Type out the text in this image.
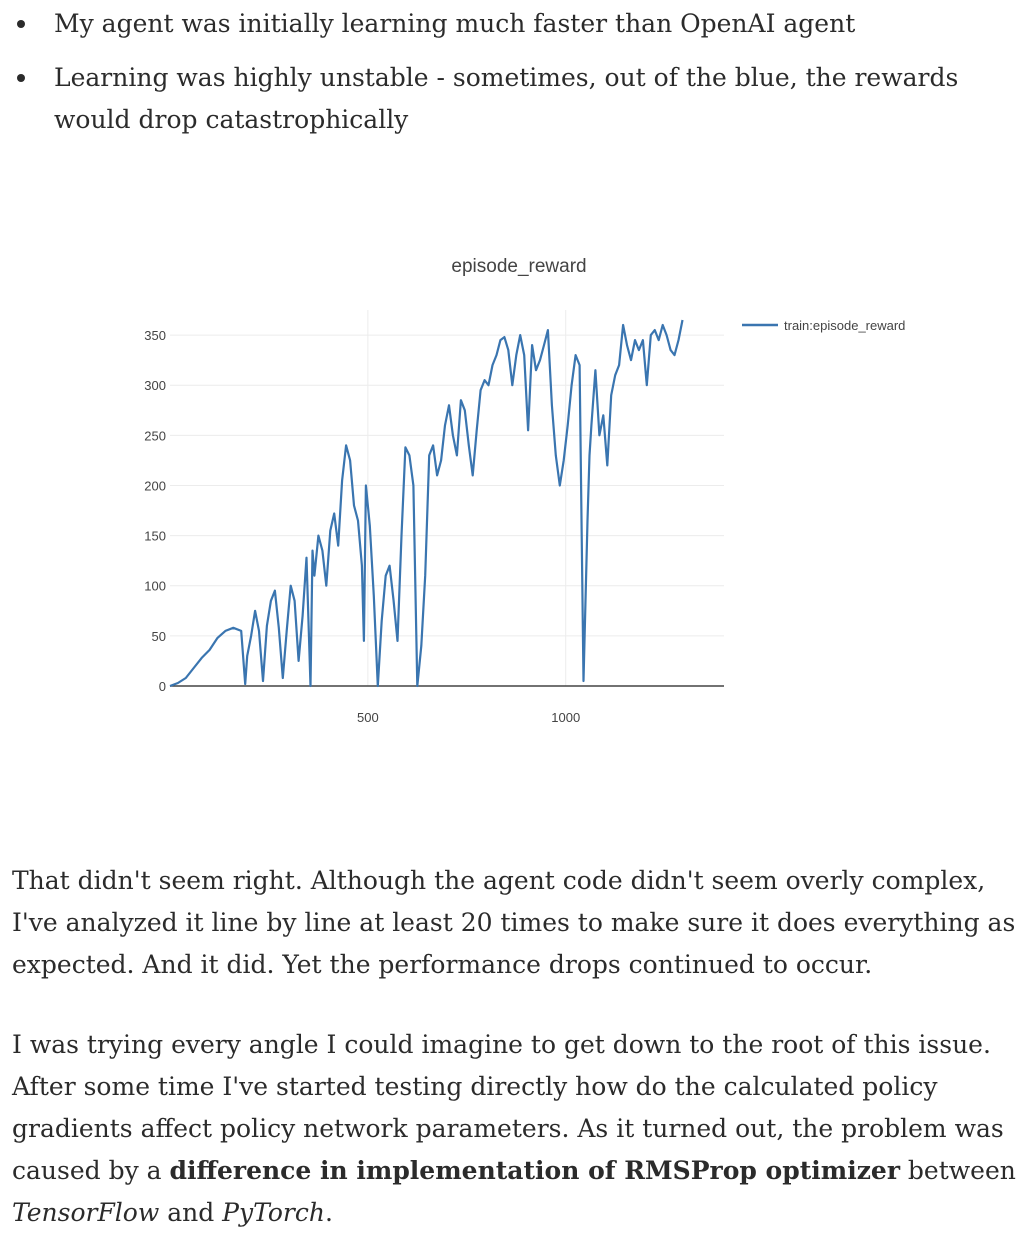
My agent was initially learning much faster than OpenAI agent
Learning was highly unstable - sometimes, out of the blue, the rewards would drop catastrophically
0
50
100
150
200
250
300
350
500	1000
episode_reward
train:episode_reward

That didn't seem right. Although the agent code didn't seem overly complex, I've analyzed it line by line at least 20 times to make sure it does everything as expected. And it did. Yet the performance drops continued to occur.

I was trying every angle I could imagine to get down to the root of this issue. After some time I've started testing directly how do the calculated policy gradients affect policy network parameters. As it turned out, the problem was caused by a difference in implementation of RMSProp optimizer between TensorFlow and PyTorch.
